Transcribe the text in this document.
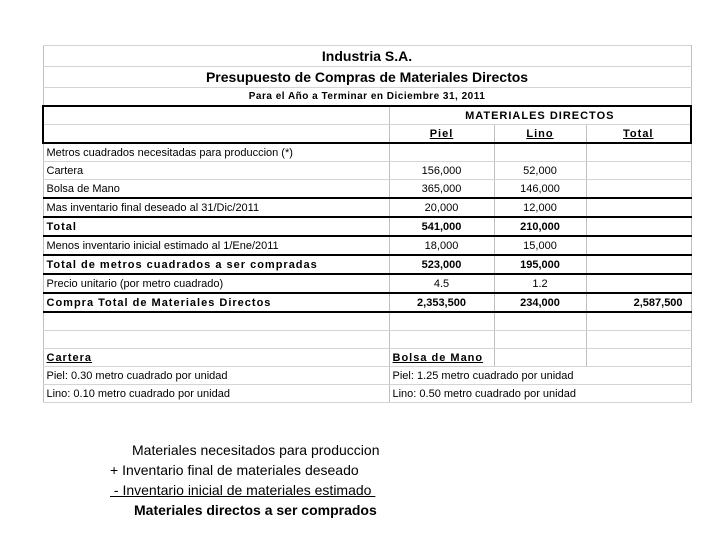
Industria S.A.			
Presupuesto de Compras de Materiales Directos			
Para el Año a Terminar en Diciembre 31, 2011			
	MATERIALES DIRECTOS		
	Piel	Lino	Total
Metros cuadrados necesitadas para produccion (*)			
Cartera	156,000	52,000	
Bolsa de Mano	365,000	146,000	
Mas inventario final deseado al 31/Dic/2011	20,000	12,000	
Total	541,000	210,000	
Menos inventario inicial estimado al 1/Ene/2011	18,000	15,000	
Total de metros cuadrados a ser compradas	523,000	195,000	
Precio unitario (por metro cuadrado)	4.5	1.2	
Compra Total de Materiales Directos	2,353,500	234,000	2,587,500

Cartera	Bolsa de Mano		
Piel: 0.30 metro cuadrado por unidad	Piel: 1.25 metro cuadrado por unidad		
Lino: 0.10 metro cuadrado por unidad	Lino: 0.50 metro cuadrado por unidad		
Materiales necesitados para produccion
+ Inventario final de materiales deseado
- Inventario inicial de materiales estimado
Materiales directos a ser comprados
